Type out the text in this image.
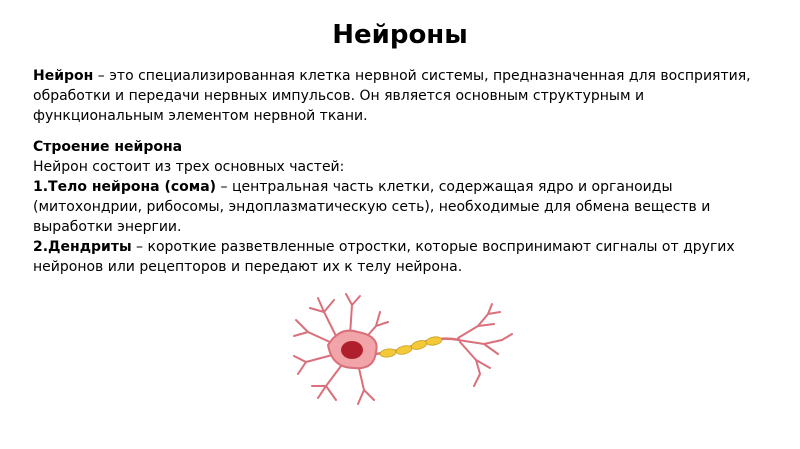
Нейроны
Нейрон – это специализированная клетка нервной системы, предназначенная для восприятия, обработки и передачи нервных импульсов. Он является основным структурным и функциональным элементом нервной ткани.
Строение нейрона
Нейрон состоит из трех основных частей:
1.Тело нейрона (сома) – центральная часть клетки, содержащая ядро и органоиды (митохондрии, рибосомы, эндоплазматическую сеть), необходимые для обмена веществ и выработки энергии.
2.Дендриты – короткие разветвленные отростки, которые воспринимают сигналы от других нейронов или рецепторов и передают их к телу нейрона.
